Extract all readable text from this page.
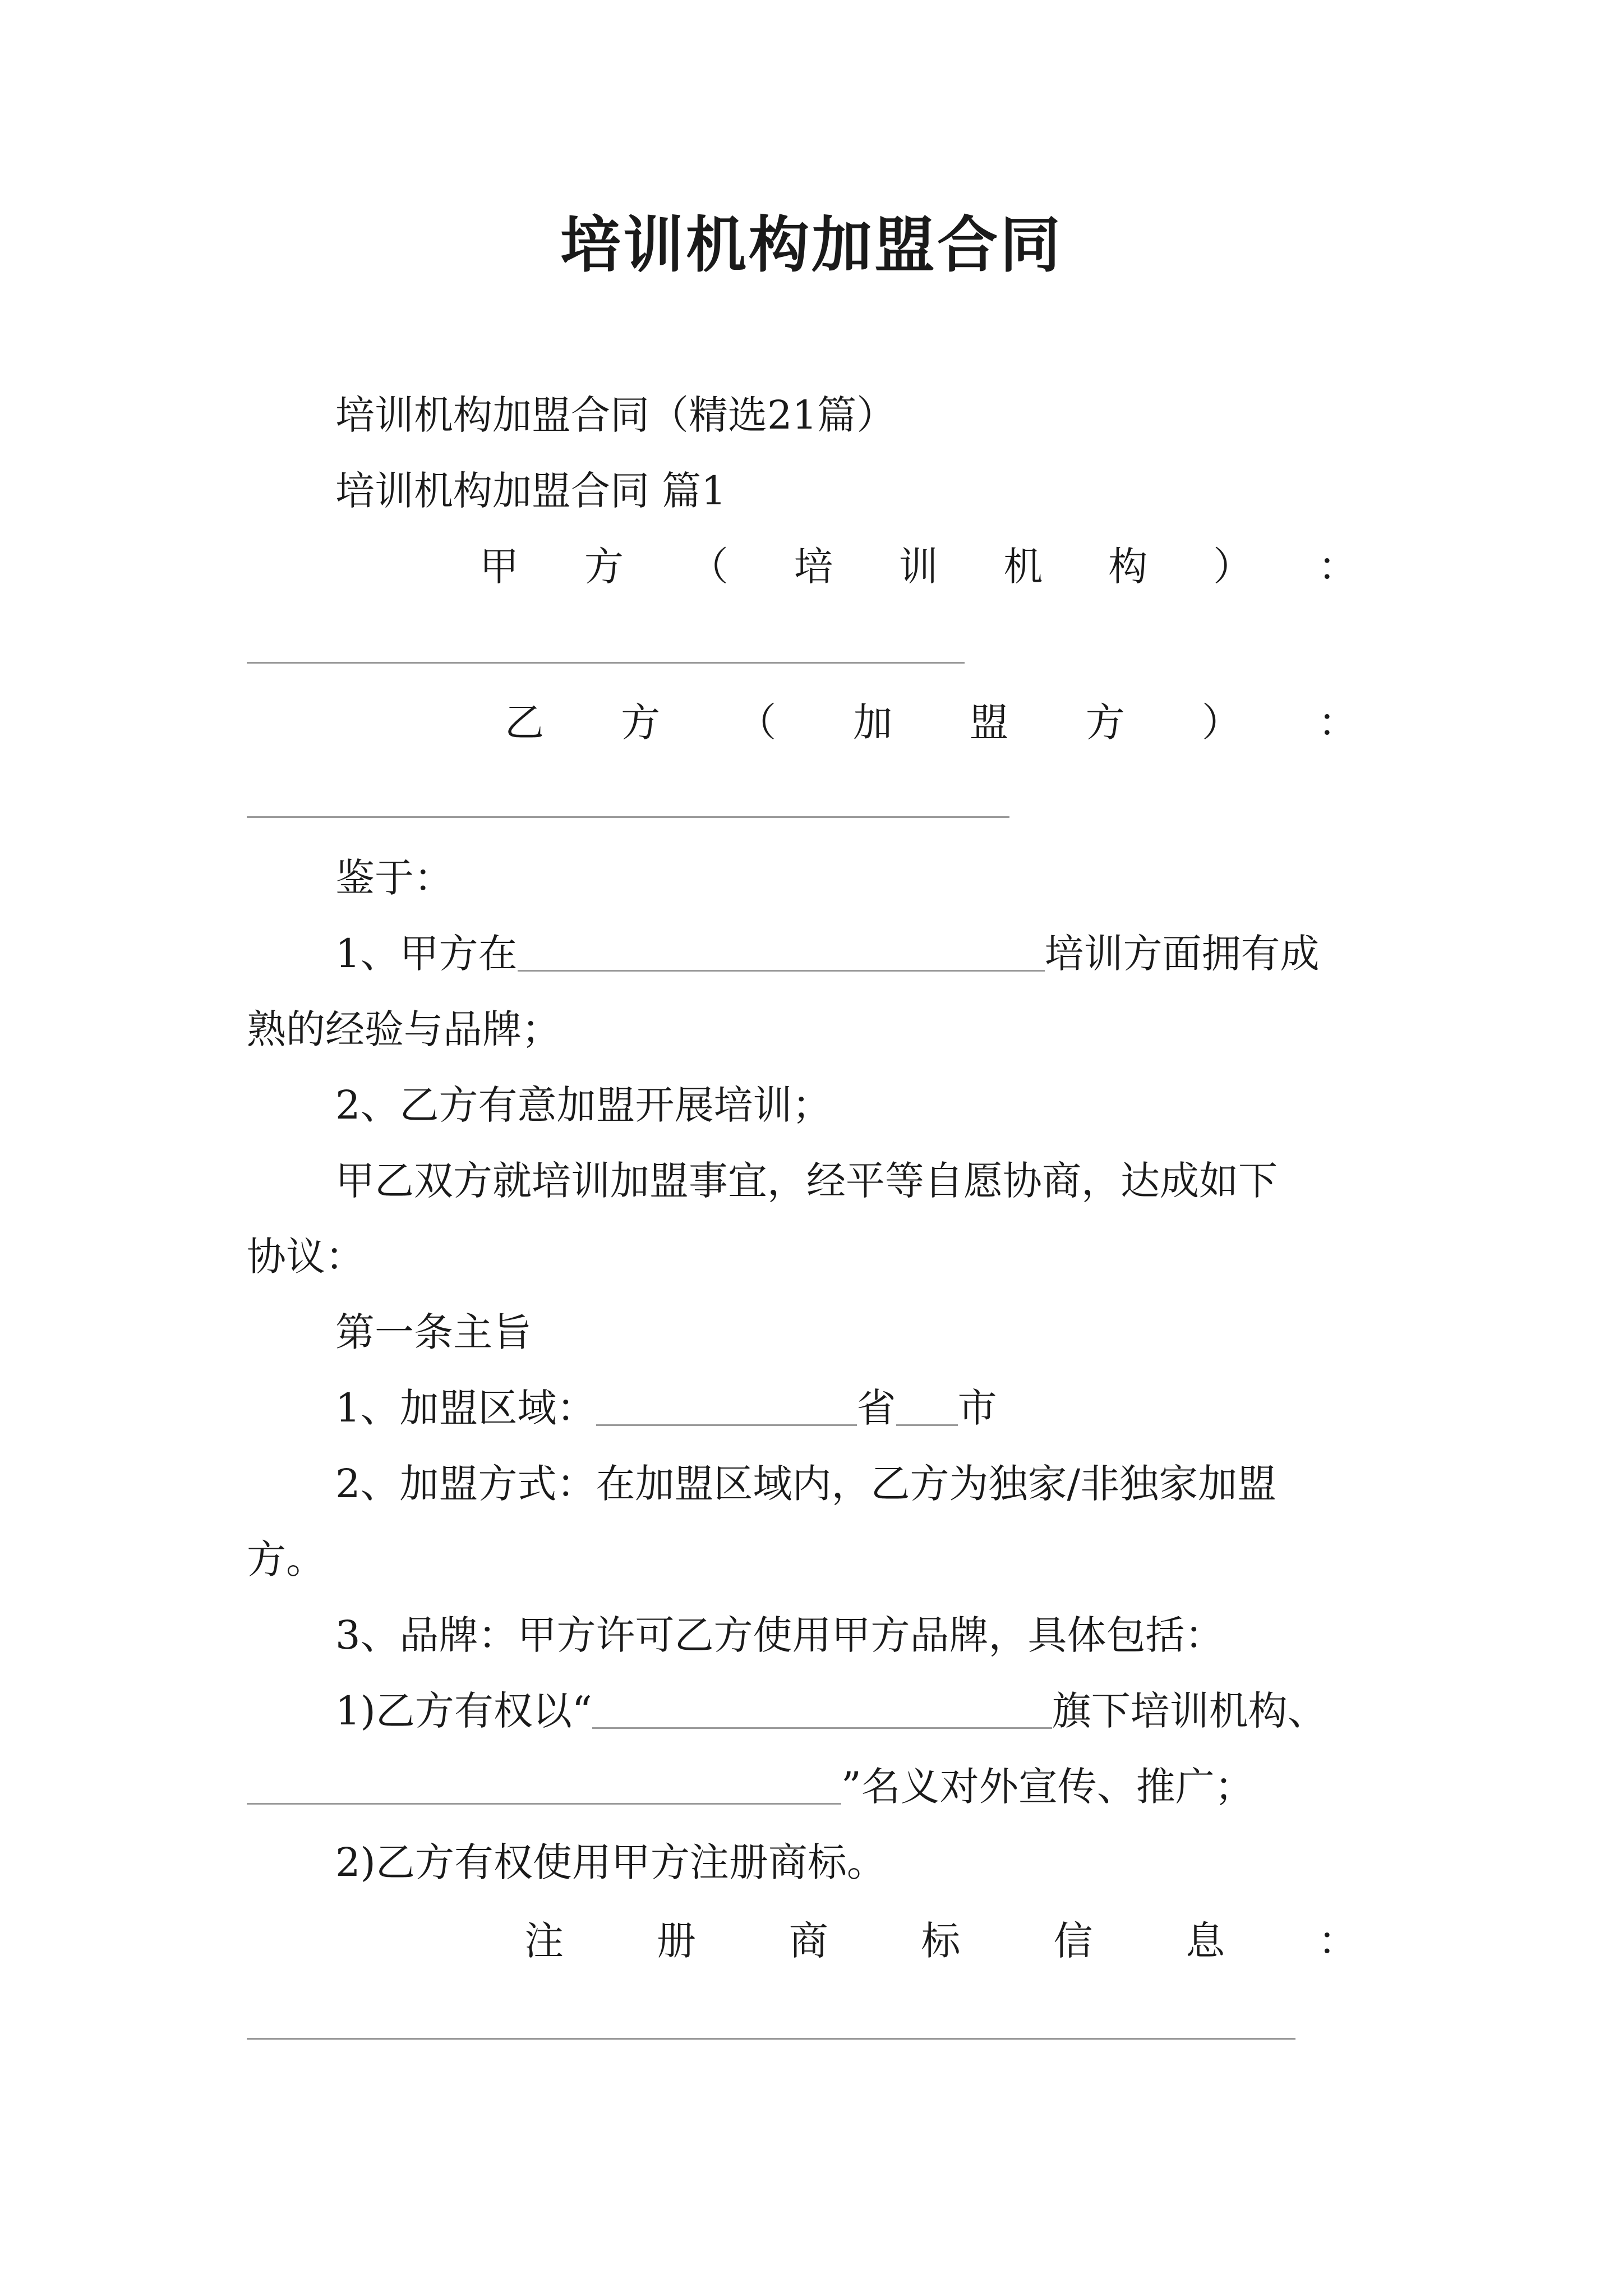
培训机构加盟合同

培训机构加盟合同（精选21篇）

培训机构加盟合同 篇1

甲 方 （ 培 训 机 构 ） ：
乙 方 （ 加 盟 方 ） ：

鉴于：

1、甲方在	培训方面拥有成

熟的经验与品牌；

2、乙方有意加盟开展培训；

甲乙双方就培训加盟事宜，经平等自愿协商，达成如下

协议：

第一条主旨

1、加盟区域：	省 市

2、加盟方式：在加盟区域内，乙方为独家/非独家加盟

方。

3、品牌：甲方许可乙方使用甲方品牌，具体包括：

1)乙方有权以“	旗下培训机构、

”名义对外宣传、推广；

2)乙方有权使用甲方注册商标。

注 册 商 标 信 息 ：
